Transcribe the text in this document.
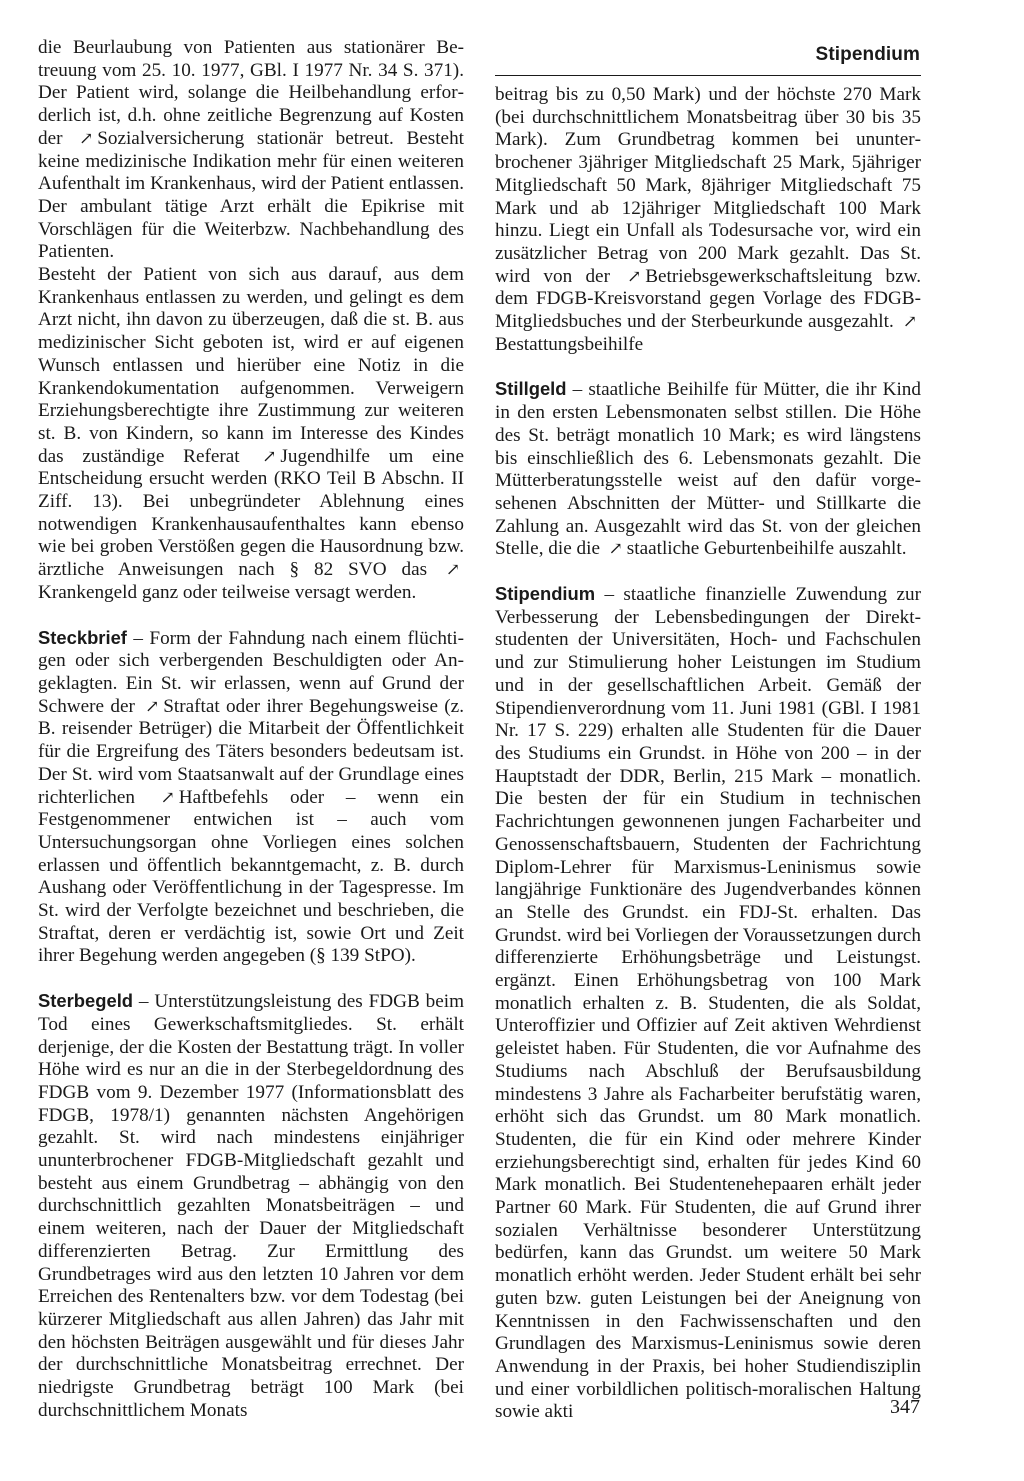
Stipendium

die Beurlaubung von Patienten aus stationärer Betreuung vom 25. 10. 1977, GBl. I 1977 Nr. 34 S. 371). Der Patient wird, solange die Heilbehandlung erforderlich ist, d.h. ohne zeitliche Begrenzung auf Kosten der ↗ Sozialversicherung stationär betreut. Besteht keine medizinische Indikation mehr für einen weiteren Aufenthalt im Krankenhaus, wird der Patient entlassen. Der ambulant tätige Arzt erhält die Epikrise mit Vorschlägen für die Weiterbzw. Nachbehandlung des Patienten.

Besteht der Patient von sich aus darauf, aus dem Krankenhaus entlassen zu werden, und gelingt es dem Arzt nicht, ihn davon zu überzeugen, daß die st. B. aus medizinischer Sicht geboten ist, wird er auf eigenen Wunsch entlassen und hierüber eine Notiz in die Krankendokumentation aufgenommen. Verweigern Erziehungsberechtigte ihre Zustimmung zur weiteren st. B. von Kindern, so kann im Interesse des Kindes das zuständige Referat ↗ Jugendhilfe um eine Entscheidung ersucht werden (RKO Teil B Abschn. II Ziff. 13). Bei unbegründeter Ablehnung eines notwendigen Krankenhausaufenthaltes kann ebenso wie bei groben Verstößen gegen die Hausordnung bzw. ärztliche Anweisungen nach § 82 SVO das ↗Krankengeld ganz oder teilweise versagt werden.

Steckbrief – Form der Fahndung nach einem flüchtigen oder sich verbergenden Beschuldigten oder Angeklagten. Ein St. wir erlassen, wenn auf Grund der Schwere der ↗ Straftat oder ihrer Begehungsweise (z. B. reisender Betrüger) die Mitarbeit der Öffentlichkeit für die Ergreifung des Täters besonders bedeutsam ist. Der St. wird vom Staatsanwalt auf der Grundlage eines richterlichen ↗ Haftbefehls oder – wenn ein Festgenommener entwichen ist – auch vom Untersuchungsorgan ohne Vorliegen eines solchen erlassen und öffentlich bekanntgemacht, z. B. durch Aushang oder Veröffentlichung in der Tagespresse. Im St. wird der Verfolgte bezeichnet und beschrieben, die Straftat, deren er verdächtig ist, sowie Ort und Zeit ihrer Begehung werden angegeben (§ 139 StPO).

Sterbegeld – Unterstützungsleistung des FDGB beim Tod eines Gewerkschaftsmitgliedes. St. erhält derjenige, der die Kosten der Bestattung trägt. In voller Höhe wird es nur an die in der Sterbegeldordnung des FDGB vom 9. Dezember 1977 (Informationsblatt des FDGB, 1978/1) genannten nächsten Angehörigen gezahlt. St. wird nach mindestens einjähriger ununterbrochener FDGB-Mitgliedschaft gezahlt und besteht aus einem Grundbetrag – abhängig von den durchschnittlich gezahlten Monatsbeiträgen – und einem weiteren, nach der Dauer der Mitgliedschaft differenzierten Betrag. Zur Ermittlung des Grundbetrages wird aus den letzten 10 Jahren vor dem Erreichen des Rentenalters bzw. vor dem Todestag (bei kürzerer Mitgliedschaft aus allen Jahren) das Jahr mit den höchsten Beiträgen ausgewählt und für dieses Jahr der durchschnittliche Monatsbeitrag errechnet. Der niedrigste Grundbetrag beträgt 100 Mark (bei durchschnittlichem Monats

beitrag bis zu 0,50 Mark) und der höchste 270 Mark (bei durchschnittlichem Monatsbeitrag über 30 bis 35 Mark). Zum Grundbetrag kommen bei ununterbrochener 3jähriger Mitgliedschaft 25 Mark, 5jähriger Mitgliedschaft 50 Mark, 8jähriger Mitgliedschaft 75 Mark und ab 12jähriger Mitgliedschaft 100 Mark hinzu. Liegt ein Unfall als Todesursache vor, wird ein zusätzlicher Betrag von 200 Mark gezahlt. Das St. wird von der ↗ Betriebsgewerkschaftsleitung bzw. dem FDGB-Kreisvorstand gegen Vorlage des FDGB-Mitgliedsbuches und der Sterbeurkunde ausgezahlt. ↗Bestattungsbeihilfe

Stillgeld – staatliche Beihilfe für Mütter, die ihr Kind in den ersten Lebensmonaten selbst stillen. Die Höhe des St. beträgt monatlich 10 Mark; es wird längstens bis einschließlich des 6. Lebensmonats gezahlt. Die Mütterberatungsstelle weist auf den dafür vorgesehenen Abschnitten der Mütter- und Stillkarte die Zahlung an. Ausgezahlt wird das St. von der gleichen Stelle, die die ↗ staatliche Geburtenbeihilfe auszahlt.

Stipendium – staatliche finanzielle Zuwendung zur Verbesserung der Lebensbedingungen der Direktstudenten der Universitäten, Hoch- und Fachschulen und zur Stimulierung hoher Leistungen im Studium und in der gesellschaftlichen Arbeit. Gemäß der Stipendienverordnung vom 11. Juni 1981 (GBl. I 1981 Nr. 17 S. 229) erhalten alle Studenten für die Dauer des Studiums ein Grundst. in Höhe von 200 – in der Hauptstadt der DDR, Berlin, 215 Mark – monatlich. Die besten der für ein Studium in technischen Fachrichtungen gewonnenen jungen Facharbeiter und Genossenschaftsbauern, Studenten der Fachrichtung Diplom-Lehrer für Marxismus-Leninismus sowie langjährige Funktionäre des Jugendverbandes können an Stelle des Grundst. ein FDJ-St. erhalten. Das Grundst. wird bei Vorliegen der Voraussetzungen durch differenzierte Erhöhungsbeträge und Leistungst. ergänzt. Einen Erhöhungsbetrag von 100 Mark monatlich erhalten z. B. Studenten, die als Soldat, Unteroffizier und Offizier auf Zeit aktiven Wehrdienst geleistet haben. Für Studenten, die vor Aufnahme des Studiums nach Abschluß der Berufsausbildung mindestens 3 Jahre als Facharbeiter berufstätig waren, erhöht sich das Grundst. um 80 Mark monatlich. Studenten, die für ein Kind oder mehrere Kinder erziehungsberechtigt sind, erhalten für jedes Kind 60 Mark monatlich. Bei Studentenehepaaren erhält jeder Partner 60 Mark. Für Studenten, die auf Grund ihrer sozialen Verhältnisse besonderer Unterstützung bedürfen, kann das Grundst. um weitere 50 Mark monatlich erhöht werden. Jeder Student erhält bei sehr guten bzw. guten Leistungen bei der Aneignung von Kenntnissen in den Fachwissenschaften und den Grundlagen des Marxismus-Leninismus sowie deren Anwendung in der Praxis, bei hoher Studiendisziplin und einer vorbildlichen politisch-moralischen Haltung sowie akti	347
